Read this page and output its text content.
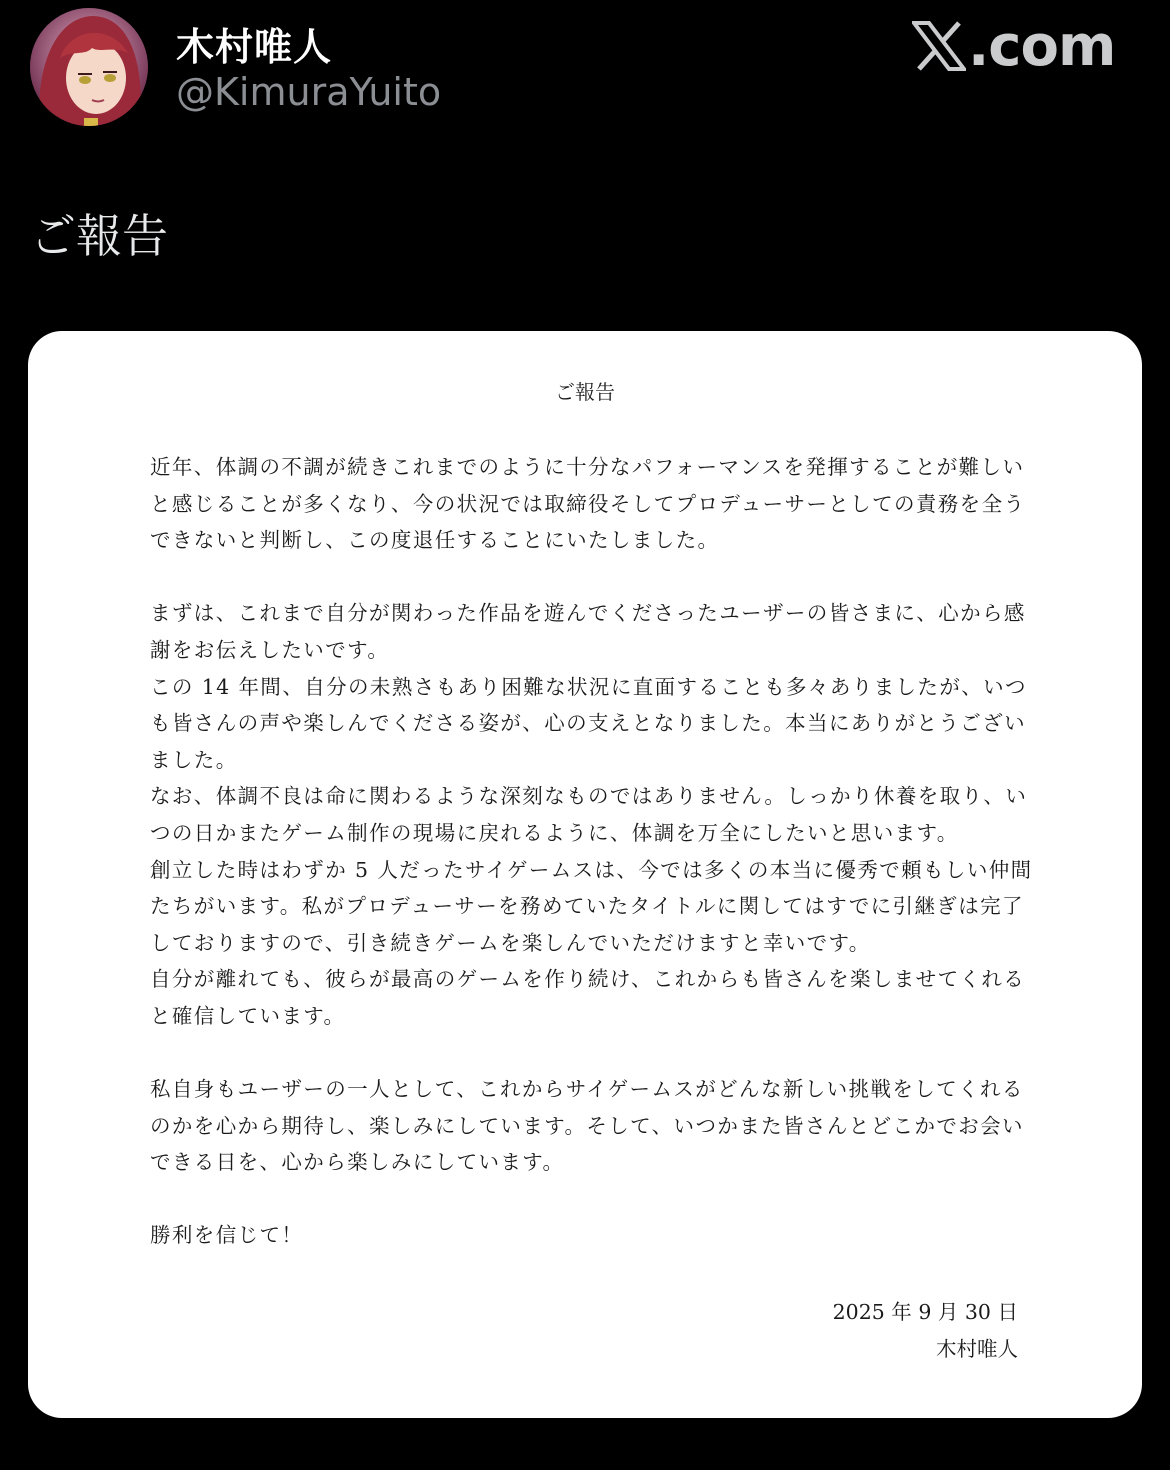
木村唯人
@KimuraYuito
.com
ご報告
ご報告
近年、体調の不調が続きこれまでのように十分なパフォーマンスを発揮することが難しい
と感じることが多くなり、今の状況では取締役そしてプロデューサーとしての責務を全う
できないと判断し、この度退任することにいたしました。
まずは、これまで自分が関わった作品を遊んでくださったユーザーの皆さまに、心から感
謝をお伝えしたいです。
この 14 年間、自分の未熟さもあり困難な状況に直面することも多々ありましたが、いつ
も皆さんの声や楽しんでくださる姿が、心の支えとなりました。本当にありがとうござい
ました。
なお、体調不良は命に関わるような深刻なものではありません。しっかり休養を取り、い
つの日かまたゲーム制作の現場に戻れるように、体調を万全にしたいと思います。
創立した時はわずか 5 人だったサイゲームスは、今では多くの本当に優秀で頼もしい仲間
たちがいます。私がプロデューサーを務めていたタイトルに関してはすでに引継ぎは完了
しておりますので、引き続きゲームを楽しんでいただけますと幸いです。
自分が離れても、彼らが最高のゲームを作り続け、これからも皆さんを楽しませてくれる
と確信しています。
私自身もユーザーの一人として、これからサイゲームスがどんな新しい挑戦をしてくれる
のかを心から期待し、楽しみにしています。そして、いつかまた皆さんとどこかでお会い
できる日を、心から楽しみにしています。
勝利を信じて！
2025 年 9 月 30 日
木村唯人
